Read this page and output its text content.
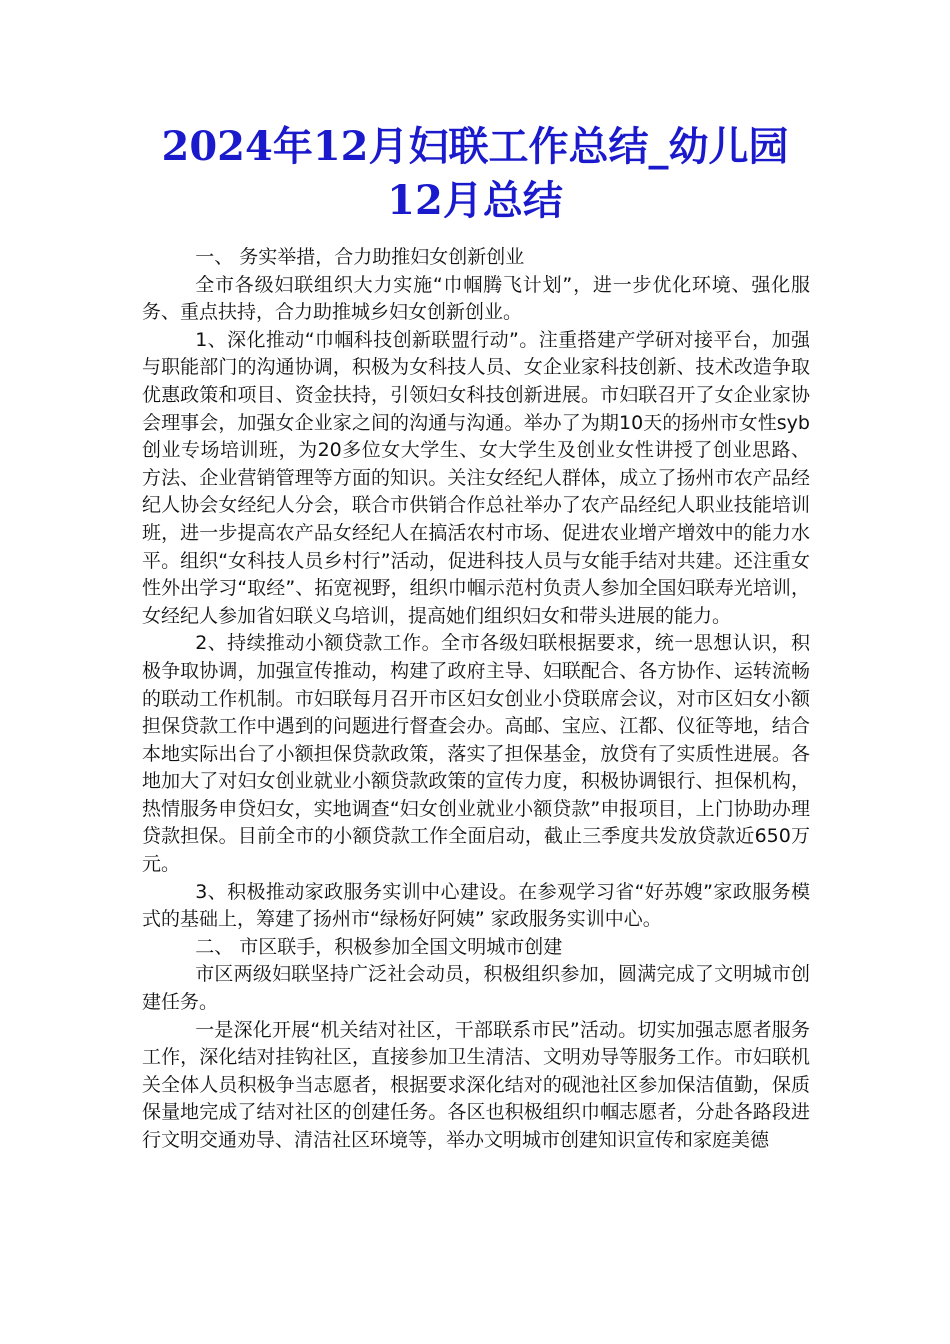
2024年12月妇联工作总结_幼儿园
12月总结

一、 务实举措，合力助推妇女创新创业

全市各级妇联组织大力实施“巾帼腾飞计划”，进一步优化环境、强化服务、重点扶持，合力助推城乡妇女创新创业。

1、深化推动“巾帼科技创新联盟行动”。注重搭建产学研对接平台，加强与职能部门的沟通协调，积极为女科技人员、女企业家科技创新、技术改造争取优惠政策和项目、资金扶持，引领妇女科技创新进展。市妇联召开了女企业家协会理事会，加强女企业家之间的沟通与沟通。举办了为期10天的扬州市女性syb创业专场培训班，为20多位女大学生、女大学生及创业女性讲授了创业思路、方法、企业营销管理等方面的知识。关注女经纪人群体，成立了扬州市农产品经纪人协会女经纪人分会，联合市供销合作总社举办了农产品经纪人职业技能培训班，进一步提高农产品女经纪人在搞活农村市场、促进农业增产增效中的能力水平。组织“女科技人员乡村行”活动，促进科技人员与女能手结对共建。还注重女性外出学习“取经”、拓宽视野，组织巾帼示范村负责人参加全国妇联寿光培训，女经纪人参加省妇联义乌培训，提高她们组织妇女和带头进展的能力。

2、持续推动小额贷款工作。全市各级妇联根据要求，统一思想认识，积极争取协调，加强宣传推动，构建了政府主导、妇联配合、各方协作、运转流畅的联动工作机制。市妇联每月召开市区妇女创业小贷联席会议，对市区妇女小额担保贷款工作中遇到的问题进行督查会办。高邮、宝应、江都、仪征等地，结合本地实际出台了小额担保贷款政策，落实了担保基金，放贷有了实质性进展。各地加大了对妇女创业就业小额贷款政策的宣传力度，积极协调银行、担保机构，热情服务申贷妇女，实地调查“妇女创业就业小额贷款”申报项目，上门协助办理贷款担保。目前全市的小额贷款工作全面启动，截止三季度共发放贷款近650万元。

3、积极推动家政服务实训中心建设。在参观学习省“好苏嫂”家政服务模式的基础上，筹建了扬州市“绿杨好阿姨” 家政服务实训中心。

二、 市区联手，积极参加全国文明城市创建

市区两级妇联坚持广泛社会动员，积极组织参加，圆满完成了文明城市创建任务。

一是深化开展“机关结对社区，干部联系市民”活动。切实加强志愿者服务工作，深化结对挂钩社区，直接参加卫生清洁、文明劝导等服务工作。市妇联机关全体人员积极争当志愿者，根据要求深化结对的砚池社区参加保洁值勤，保质保量地完成了结对社区的创建任务。各区也积极组织巾帼志愿者，分赴各路段进行文明交通劝导、清洁社区环境等，举办文明城市创建知识宣传和家庭美德
